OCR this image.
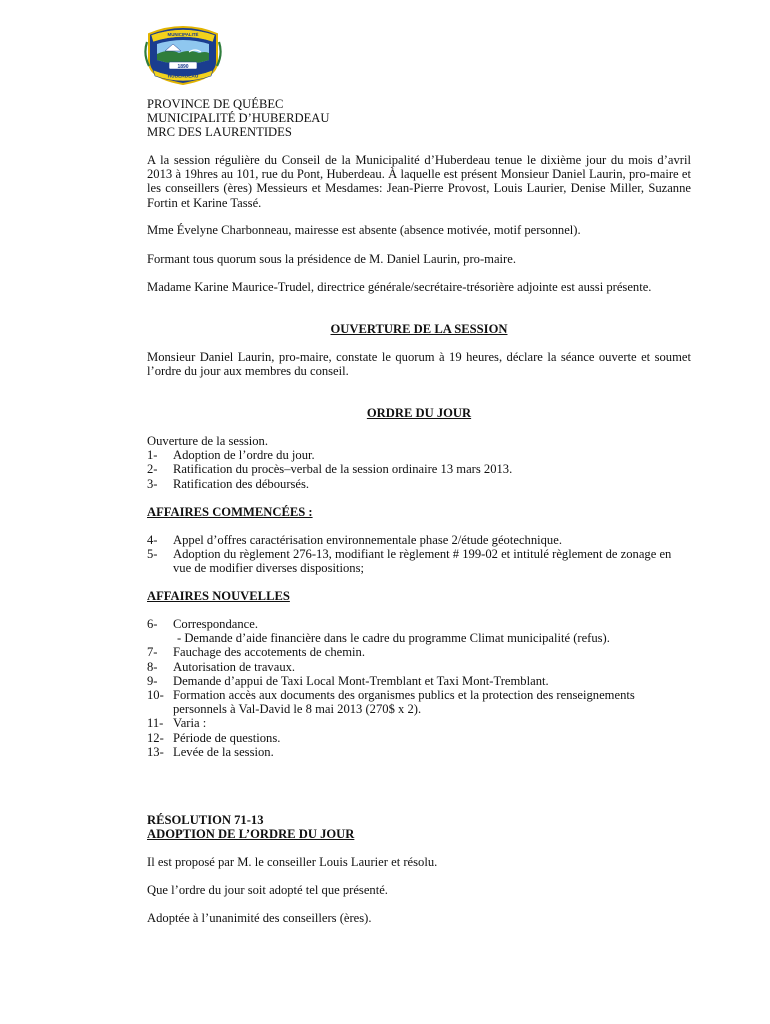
MUNICIPALITÉ
1890
HUBERDEAU
PROVINCE DE QUÉBEC
MUNICIPALITÉ D’HUBERDEAU
MRC DES LAURENTIDES

A la session régulière du Conseil de la Municipalité d’Huberdeau tenue le dixième jour du mois d’avril 2013 à 19hres au 101, rue du Pont, Huberdeau. À laquelle est présent Monsieur Daniel Laurin, pro-maire et les conseillers (ères) Messieurs et Mesdames: Jean-Pierre Provost, Louis Laurier, Denise Miller, Suzanne Fortin et Karine Tassé.

Mme Évelyne Charbonneau, mairesse est absente (absence motivée, motif personnel).

Formant tous quorum sous la présidence de M. Daniel Laurin, pro-maire.

Madame Karine Maurice-Trudel, directrice générale/secrétaire-trésorière adjointe est aussi présente.

OUVERTURE DE LA SESSION

Monsieur Daniel Laurin, pro-maire, constate le quorum à 19 heures, déclare la séance ouverte et soumet l’ordre du jour aux membres du conseil.

ORDRE DU JOUR

Ouverture de la session.
1- Adoption de l’ordre du jour.
2- Ratification du procès–verbal de la session ordinaire 13 mars 2013.
3- Ratification des déboursés.

AFFAIRES COMMENCÉES :

4- Appel d’offres caractérisation environnementale phase 2/étude géotechnique.
5- Adoption du règlement 276-13, modifiant le règlement # 199-02 et intitulé règlement de zonage en vue de modifier diverses dispositions;

AFFAIRES NOUVELLES

6- Correspondance.
- Demande d’aide financière dans le cadre du programme Climat municipalité (refus).
7- Fauchage des accotements de chemin.
8- Autorisation de travaux.
9- Demande d’appui de Taxi Local Mont-Tremblant et Taxi Mont-Tremblant.
10- Formation accès aux documents des organismes publics et la protection des renseignements personnels à Val-David le 8 mai 2013 (270$ x 2).
11- Varia :
12- Période de questions.
13- Levée de la session.
RÉSOLUTION 71-13
ADOPTION DE L’ORDRE DU JOUR

Il est proposé par M. le conseiller Louis Laurier et résolu.

Que l’ordre du jour soit adopté tel que présenté.

Adoptée à l’unanimité des conseillers (ères).
